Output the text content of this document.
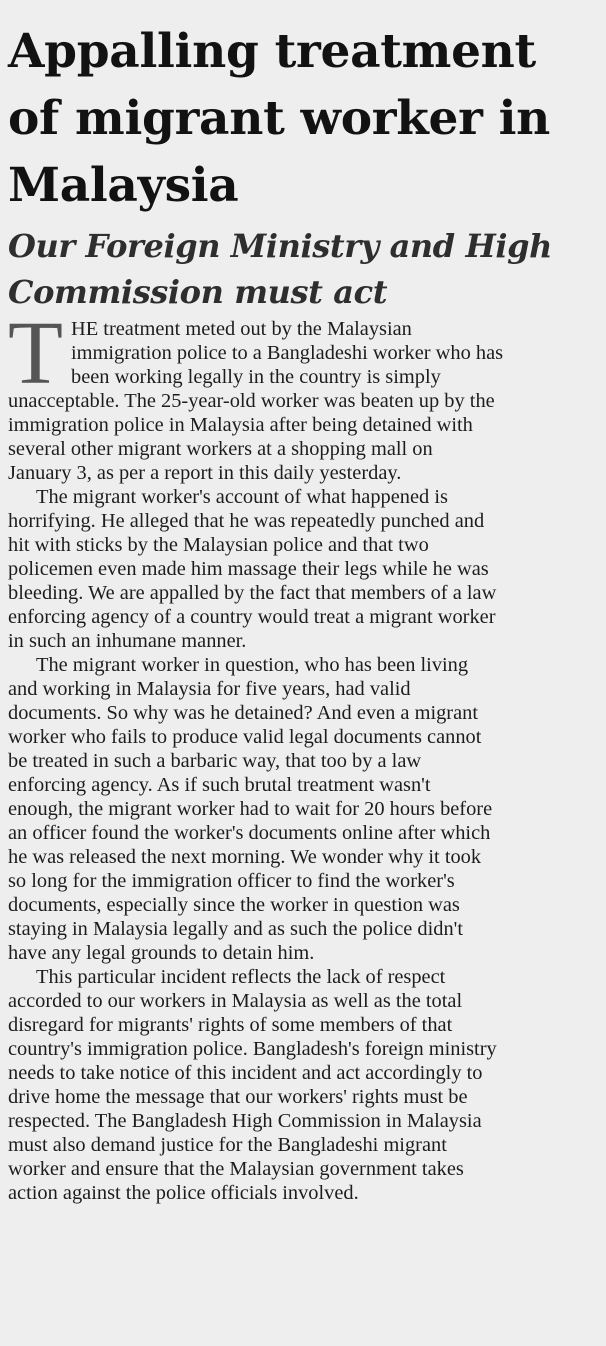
Appalling treatment
of migrant worker in
Malaysia
Our Foreign Ministry and High
Commission must act
T HE treatment meted out by the Malaysian
immigration police to a Bangladeshi worker who has
been working legally in the country is simply
unacceptable. The 25-year-old worker was beaten up by the
immigration police in Malaysia after being detained with
several other migrant workers at a shopping mall on
January 3, as per a report in this daily yesterday.
The migrant worker's account of what happened is
horrifying. He alleged that he was repeatedly punched and
hit with sticks by the Malaysian police and that two
policemen even made him massage their legs while he was
bleeding. We are appalled by the fact that members of a law
enforcing agency of a country would treat a migrant worker
in such an inhumane manner.
The migrant worker in question, who has been living
and working in Malaysia for five years, had valid
documents. So why was he detained? And even a migrant
worker who fails to produce valid legal documents cannot
be treated in such a barbaric way, that too by a law
enforcing agency. As if such brutal treatment wasn't
enough, the migrant worker had to wait for 20 hours before
an officer found the worker's documents online after which
he was released the next morning. We wonder why it took
so long for the immigration officer to find the worker's
documents, especially since the worker in question was
staying in Malaysia legally and as such the police didn't
have any legal grounds to detain him.
This particular incident reflects the lack of respect
accorded to our workers in Malaysia as well as the total
disregard for migrants' rights of some members of that
country's immigration police. Bangladesh's foreign ministry
needs to take notice of this incident and act accordingly to
drive home the message that our workers' rights must be
respected. The Bangladesh High Commission in Malaysia
must also demand justice for the Bangladeshi migrant
worker and ensure that the Malaysian government takes
action against the police officials involved.
